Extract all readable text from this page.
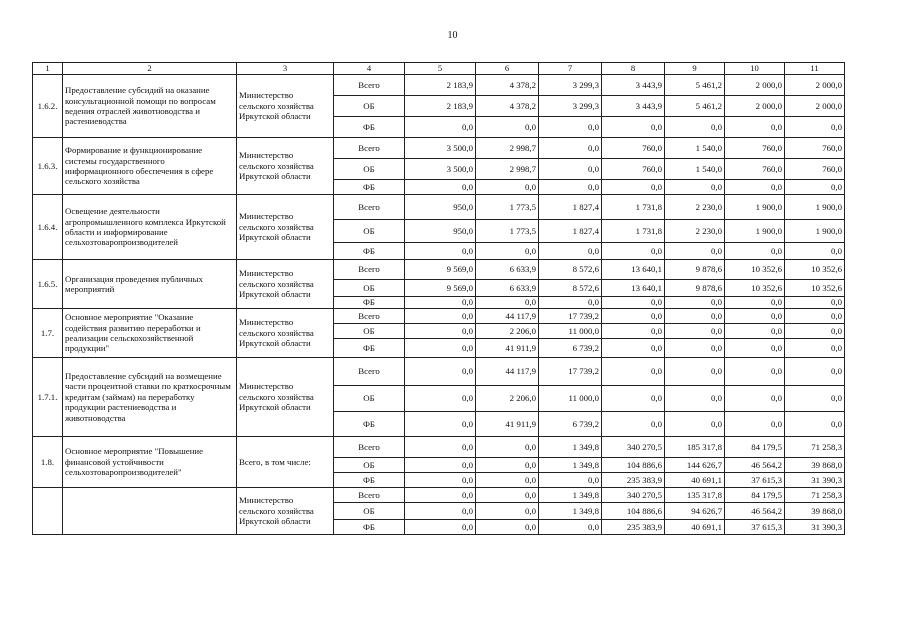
10
1	2	3	4	5	6	7	8	9	10	11
1.6.2.	Предоставление субсидий на оказание консультационной помощи по вопросам ведения отраслей животноводства и растениеводства	Министерство сельского хозяйства Иркутской области	Всего	2 183,9	4 378,2	3 299,3	3 443,9	5 461,2	2 000,0	2 000,0
			ОБ	2 183,9	4 378,2	3 299,3	3 443,9	5 461,2	2 000,0	2 000,0
			ФБ	0,0	0,0	0,0	0,0	0,0	0,0	0,0
1.6.3.	Формирование и функционирование системы государственного информационного обеспечения в сфере сельского хозяйства	Министерство сельского хозяйства Иркутской области	Всего	3 500,0	2 998,7	0,0	760,0	1 540,0	760,0	760,0
			ОБ	3 500,0	2 998,7	0,0	760,0	1 540,0	760,0	760,0
			ФБ	0,0	0,0	0,0	0,0	0,0	0,0	0,0
1.6.4.	Освещение деятельности агропромышленного комплекса Иркутской области и информирование сельхозтоваропроизводителей	Министерство сельского хозяйства Иркутской области	Всего	950,0	1 773,5	1 827,4	1 731,8	2 230,0	1 900,0	1 900,0
			ОБ	950,0	1 773,5	1 827,4	1 731,8	2 230,0	1 900,0	1 900,0
			ФБ	0,0	0,0	0,0	0,0	0,0	0,0	0,0
1.6.5.	Организация проведения публичных мероприятий	Министерство сельского хозяйства Иркутской области	Всего	9 569,0	6 633,9	8 572,6	13 640,1	9 878,6	10 352,6	10 352,6
			ОБ	9 569,0	6 633,9	8 572,6	13 640,1	9 878,6	10 352,6	10 352,6
			ФБ	0,0	0,0	0,0	0,0	0,0	0,0	0,0
1.7.	Основное мероприятие "Оказание содействия развитию переработки и реализации сельскохозяйственной продукции"	Министерство сельского хозяйства Иркутской области	Всего	0,0	44 117,9	17 739,2	0,0	0,0	0,0	0,0
			ОБ	0,0	2 206,0	11 000,0	0,0	0,0	0,0	0,0
			ФБ	0,0	41 911,9	6 739,2	0,0	0,0	0,0	0,0
1.7.1.	Предоставление субсидий на возмещение части процентной ставки по краткосрочным кредитам (займам) на переработку продукции растениеводства и животноводства	Министерство сельского хозяйства Иркутской области	Всего	0,0	44 117,9	17 739,2	0,0	0,0	0,0	0,0
			ОБ	0,0	2 206,0	11 000,0	0,0	0,0	0,0	0,0
			ФБ	0,0	41 911,9	6 739,2	0,0	0,0	0,0	0,0
1.8.	Основное мероприятие "Повышение финансовой устойчивости сельхозтоваропроизводителей"	Всего, в том числе:	Всего	0,0	0,0	1 349,8	340 270,5	185 317,8	84 179,5	71 258,3
			ОБ	0,0	0,0	1 349,8	104 886,6	144 626,7	46 564,2	39 868,0
			ФБ	0,0	0,0	0,0	235 383,9	40 691,1	37 615,3	31 390,3
		Министерство сельского хозяйства Иркутской области	Всего	0,0	0,0	1 349,8	340 270,5	135 317,8	84 179,5	71 258,3
			ОБ	0,0	0,0	1 349,8	104 886,6	94 626,7	46 564,2	39 868,0
			ФБ	0,0	0,0	0,0	235 383,9	40 691,1	37 615,3	31 390,3
